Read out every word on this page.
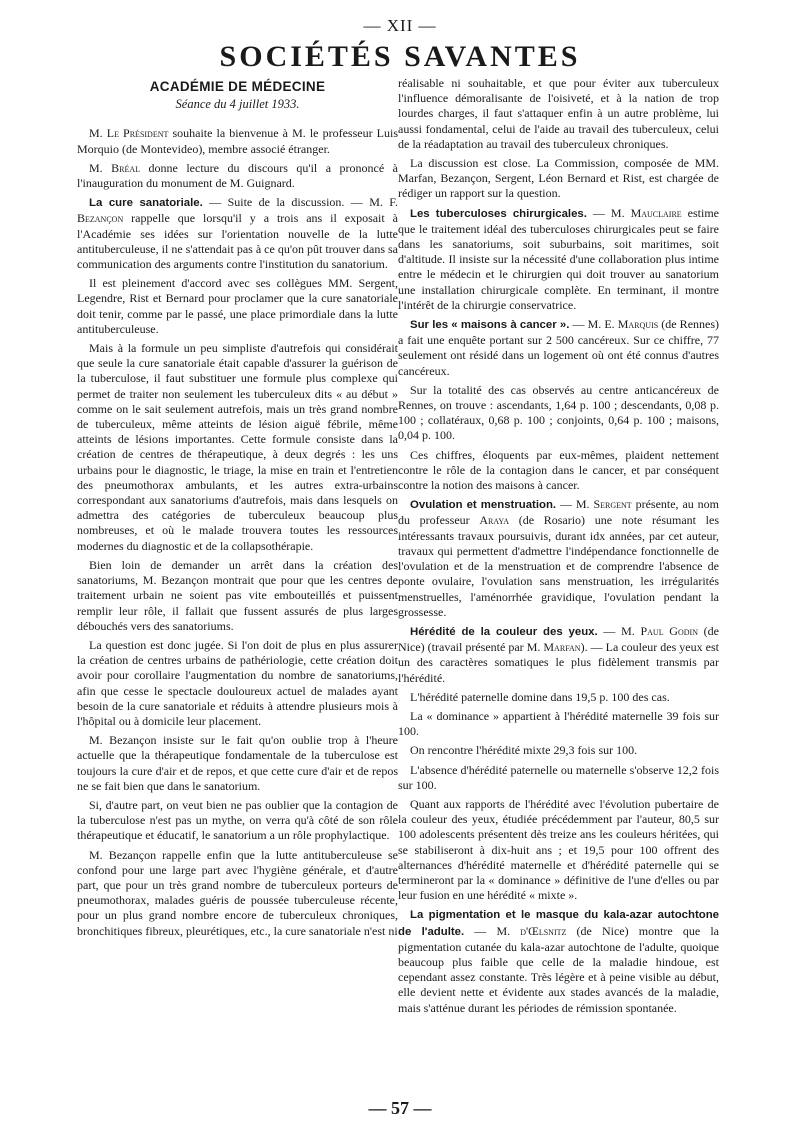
— XII —
SOCIÉTÉS SAVANTES
ACADÉMIE DE MÉDECINE
Séance du 4 juillet 1933.

M. Le Président souhaite la bienvenue à M. le professeur Luis Morquio (de Montevideo), membre associé étranger.

M. Bréal donne lecture du discours qu'il a prononcé à l'inauguration du monument de M. Guignard.

La cure sanatoriale. — Suite de la discussion. — M. F. Bezançon rappelle que lorsqu'il y a trois ans il exposait à l'Académie ses idées sur l'orientation nouvelle de la lutte antituberculeuse, il ne s'attendait pas à ce qu'on pût trouver dans sa communication des arguments contre l'institution du sanatorium.

Il est pleinement d'accord avec ses collègues MM. Sergent, Legendre, Rist et Bernard pour proclamer que la cure sanatoriale doit tenir, comme par le passé, une place primordiale dans la lutte antituberculeuse.

Mais à la formule un peu simpliste d'autrefois qui considérait que seule la cure sanatoriale était capable d'assurer la guérison de la tuberculose, il faut substituer une formule plus complexe qui permet de traiter non seulement les tuberculeux dits « au début » comme on le sait seulement autrefois, mais un très grand nombre de tuberculeux, même atteints de lésion aiguë fébrile, même atteints de lésions importantes. Cette formule consiste dans la création de centres de thérapeutique, à deux degrés : les uns urbains pour le diagnostic, le triage, la mise en train et l'entretien des pneumothorax ambulants, et les autres extra-urbains correspondant aux sanatoriums d'autrefois, mais dans lesquels on admettra des catégories de tuberculeux beaucoup plus nombreuses, et où le malade trouvera toutes les ressources modernes du diagnostic et de la collapsothérapie.

Bien loin de demander un arrêt dans la création des sanatoriums, M. Bezançon montrait que pour que les centres de traitement urbain ne soient pas vite embouteillés et puissent remplir leur rôle, il fallait que fussent assurés de plus larges débouchés vers des sanatoriums.

La question est donc jugée. Si l'on doit de plus en plus assurer la création de centres urbains de pathériologie, cette création doit avoir pour corollaire l'augmentation du nombre de sanatoriums, afin que cesse le spectacle douloureux actuel de malades ayant besoin de la cure sanatoriale et réduits à attendre plusieurs mois à l'hôpital ou à domicile leur placement.

M. Bezançon insiste sur le fait qu'on oublie trop à l'heure actuelle que la thérapeutique fondamentale de la tuberculose est toujours la cure d'air et de repos, et que cette cure d'air et de repos ne se fait bien que dans le sanatorium.

Si, d'autre part, on veut bien ne pas oublier que la contagion de la tuberculose n'est pas un mythe, on verra qu'à côté de son rôle thérapeutique et éducatif, le sanatorium a un rôle prophylactique.

M. Bezançon rappelle enfin que la lutte antituberculeuse se confond pour une large part avec l'hygiène générale, et d'autre part, que pour un très grand nombre de tuberculeux porteurs de pneumothorax, malades guéris de poussée tuberculeuse récente, pour un plus grand nombre encore de tuberculeux chroniques, bronchitiques fibreux, pleurétiques, etc., la cure sanatoriale n'est ni

réalisable ni souhaitable, et que pour éviter aux tuberculeux l'influence démoralisante de l'oisiveté, et à la nation de trop lourdes charges, il faut s'attaquer enfin à un autre problème, lui aussi fondamental, celui de l'aide au travail des tuberculeux, celui de la réadaptation au travail des tuberculeux chroniques.

La discussion est close. La Commission, composée de MM. Marfan, Bezançon, Sergent, Léon Bernard et Rist, est chargée de rédiger un rapport sur la question.

Les tuberculoses chirurgicales. — M. Mauclaire estime que le traitement idéal des tuberculoses chirurgicales peut se faire dans les sanatoriums, soit suburbains, soit maritimes, soit d'altitude. Il insiste sur la nécessité d'une collaboration plus intime entre le médecin et le chirurgien qui doit trouver au sanatorium une installation chirurgicale complète. En terminant, il montre l'intérêt de la chirurgie conservatrice.

Sur les « maisons à cancer ». — M. E. Marquis (de Rennes) a fait une enquête portant sur 2 500 cancéreux. Sur ce chiffre, 77 seulement ont résidé dans un logement où ont été connus d'autres cancéreux.

Sur la totalité des cas observés au centre anticancéreux de Rennes, on trouve : ascendants, 1,64 p. 100 ; descendants, 0,08 p. 100 ; collatéraux, 0,68 p. 100 ; conjoints, 0,64 p. 100 ; maisons, 0,04 p. 100.

Ces chiffres, éloquents par eux-mêmes, plaident nettement contre le rôle de la contagion dans le cancer, et par conséquent contre la notion des maisons à cancer.

Ovulation et menstruation. — M. Sergent présente, au nom du professeur Araya (de Rosario) une note résumant les intéressants travaux poursuivis, durant idx années, par cet auteur, travaux qui permettent d'admettre l'indépendance fonctionnelle de l'ovulation et de la menstruation et de comprendre l'absence de ponte ovulaire, l'ovulation sans menstruation, les irrégularités menstruelles, l'aménorrhée gravidique, l'ovulation pendant la grossesse.

Hérédité de la couleur des yeux. — M. Paul Godin (de Nice) (travail présenté par M. Marfan). — La couleur des yeux est un des caractères somatiques le plus fidèlement transmis par l'hérédité.

L'hérédité paternelle domine dans 19,5 p. 100 des cas.

La « dominance » appartient à l'hérédité maternelle 39 fois sur 100.

On rencontre l'hérédité mixte 29,3 fois sur 100.

L'absence d'hérédité paternelle ou maternelle s'observe 12,2 fois sur 100.

Quant aux rapports de l'hérédité avec l'évolution pubertaire de la couleur des yeux, étudiée précédemment par l'auteur, 80,5 sur 100 adolescents présentent dès treize ans les couleurs héritées, qui se stabiliseront à dix-huit ans ; et 19,5 pour 100 offrent des alternances d'hérédité maternelle et d'hérédité paternelle qui se termineront par la « dominance » définitive de l'une d'elles ou par leur fusion en une hérédité « mixte ».

La pigmentation et le masque du kala-azar autochtone de l'adulte. — M. d'Œlsnitz (de Nice) montre que la pigmentation cutanée du kala-azar autochtone de l'adulte, quoique beaucoup plus faible que celle de la maladie hindoue, est cependant assez constante. Très légère et à peine visible au début, elle devient nette et évidente aux stades avancés de la maladie, mais s'atténue durant les périodes de rémission spontanée.

— 57 —
